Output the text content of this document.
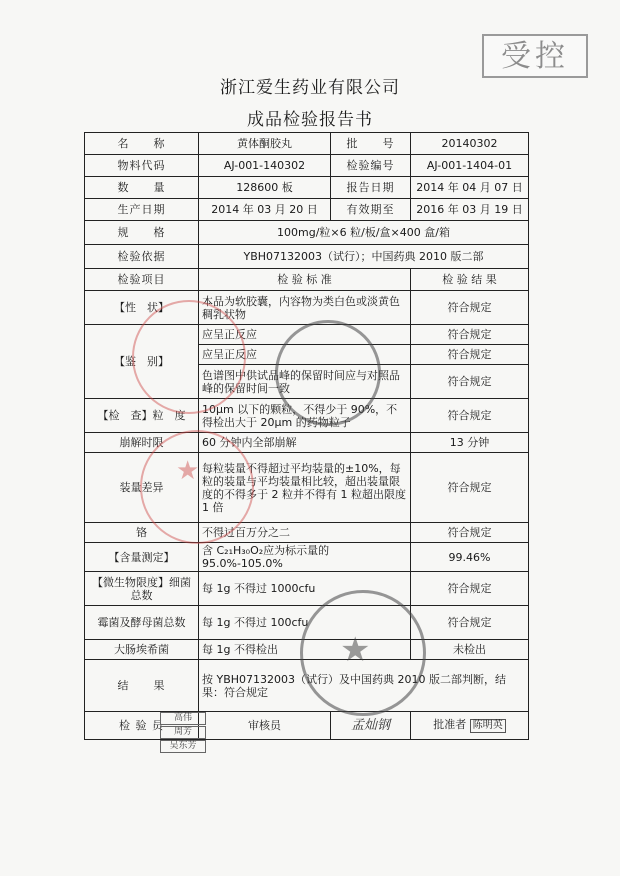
受控
浙江爱生药业有限公司
成品检验报告书
名　　称	黄体酮胶丸	批　　号	20140302
物料代码	AJ-001-140302	检验编号	AJ-001-1404-01
数　　量	128600 板	报告日期	2014 年 04 月 07 日
生产日期	2014 年 03 月 20 日	有效期至	2016 年 03 月 19 日
规　　格	100mg/粒×6 粒/板/盒×400 盒/箱		
检验依据	YBH07132003（试行）；中国药典 2010 版二部		
检验项目	检 验 标 准		检 验 结 果
【性　状】	本品为软胶囊，内容物为类白色或淡黄色稠乳状物		符合规定
【鉴　别】	应呈正反应		符合规定
	应呈正反应		符合规定
	色谱图中供试品峰的保留时间应与对照品峰的保留时间一致		符合规定
【检　查】粒　度	10μm 以下的颗粒，不得少于 90%，不得检出大于 20μm 的药物粒子		符合规定
崩解时限	60 分钟内全部崩解		13 分钟
装量差异	每粒装量不得超过平均装量的±10%，每粒的装量与平均装量相比较，超出装量限度的不得多于 2 粒并不得有 1 粒超出限度 1 倍		符合规定
铬	不得过百万分之二		符合规定
【含量测定】	含 C₂₁H₃₀O₂应为标示量的 95.0%-105.0%		99.46%
【微生物限度】细菌总数	每 1g 不得过 1000cfu		符合规定
霉菌及酵母菌总数	每 1g 不得过 100cfu		符合规定
大肠埃希菌	每 1g 不得检出		未检出
结　　果	按 YBH07132003（试行）及中国药典 2010 版二部判断，结果：符合规定		
检 验 员	审核员	孟灿钢	批准者 陈明英
高伟
周芳
吴东芳
★
★
